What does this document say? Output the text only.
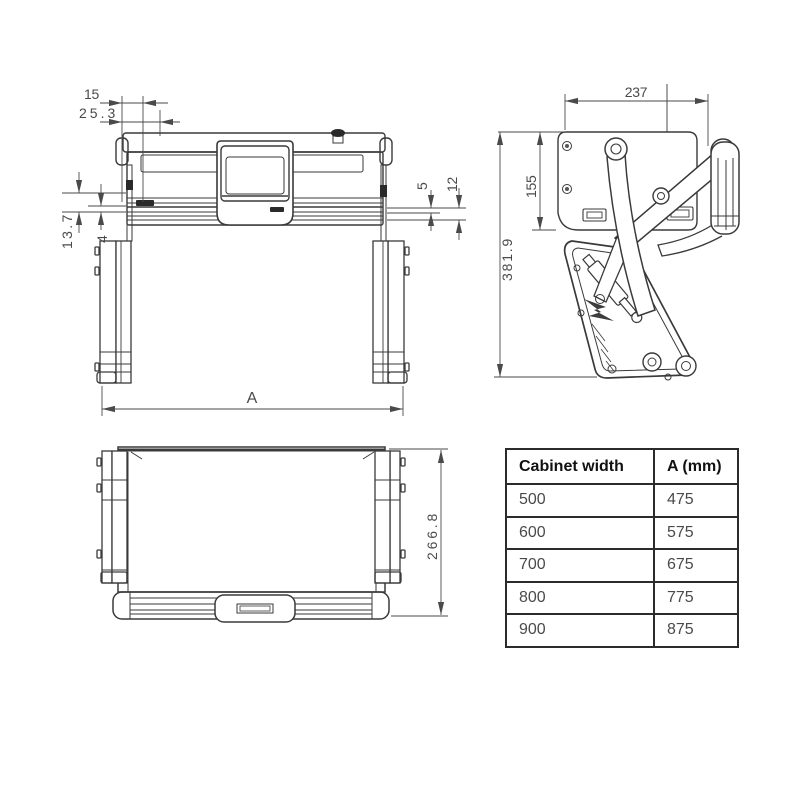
15
25.3
13.7
4
5 12
A
237
155
381.9
266.8
Cabinet width	A (mm)
500	475
600	575
700	675
800	775
900	875
